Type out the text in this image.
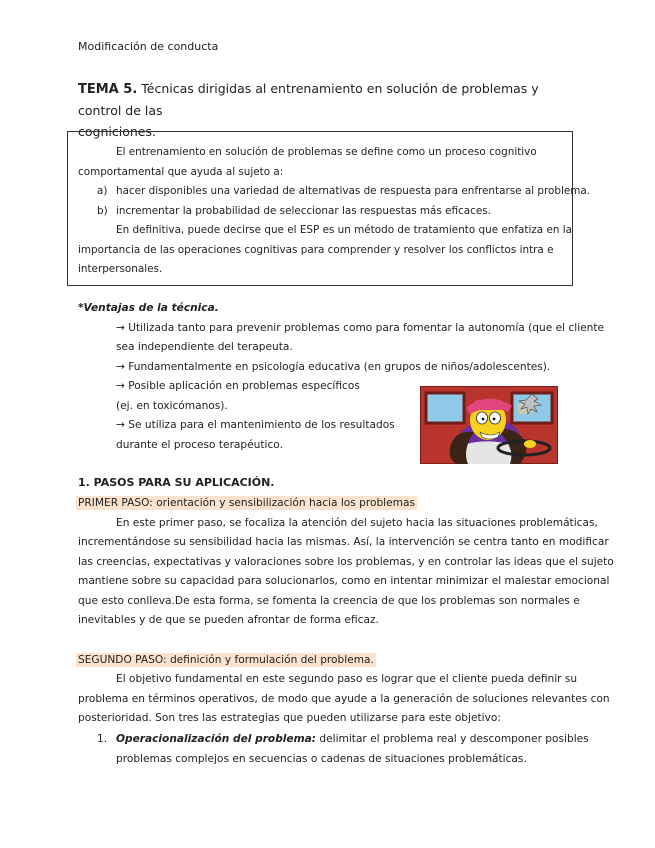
Modificación de conducta
TEMA 5. Técnicas dirigidas al entrenamiento en solución de problemas y control de las
cogniciones.
El entrenamiento en solución de problemas se define como un proceso cognitivo
comportamental que ayuda al sujeto a:
a) hacer disponibles una variedad de alternativas de respuesta para enfrentarse al problema.
b) incrementar la probabilidad de seleccionar las respuestas más eficaces.
En definitiva, puede decirse que el ESP es un método de tratamiento que enfatiza en la
importancia de las operaciones cognitivas para comprender y resolver los conflictos intra e
interpersonales.
*Ventajas de la técnica.
→ Utilizada tanto para prevenir problemas como para fomentar la autonomía (que el cliente
sea independiente del terapeuta.
→ Fundamentalmente en psicología educativa (en grupos de niños/adolescentes).
→ Posible aplicación en problemas específicos
(ej. en toxicómanos).
→ Se utiliza para el mantenimiento de los resultados
durante el proceso terapéutico.
1. PASOS PARA SU APLICACIÓN.
PRIMER PASO: orientación y sensibilización hacia los problemas
En este primer paso, se focaliza la atención del sujeto hacia las situaciones problemáticas,
incrementándose su sensibilidad hacia las mismas. Así, la intervención se centra tanto en modificar
las creencias, expectativas y valoraciones sobre los problemas, y en controlar las ideas que el sujeto
mantiene sobre su capacidad para solucionarlos, como en intentar minimizar el malestar emocional
que esto conlleva.De esta forma, se fomenta la creencia de que los problemas son normales e
inevitables y de que se pueden afrontar de forma eficaz.
SEGUNDO PASO: definición y formulación del problema.
El objetivo fundamental en este segundo paso es lograr que el cliente pueda definir su
problema en términos operativos, de modo que ayude a la generación de soluciones relevantes con
posterioridad. Son tres las estrategias que pueden utilizarse para este objetivo:
1. Operacionalización del problema: delimitar el problema real y descomponer posibles
problemas complejos en secuencias o cadenas de situaciones problemáticas.
